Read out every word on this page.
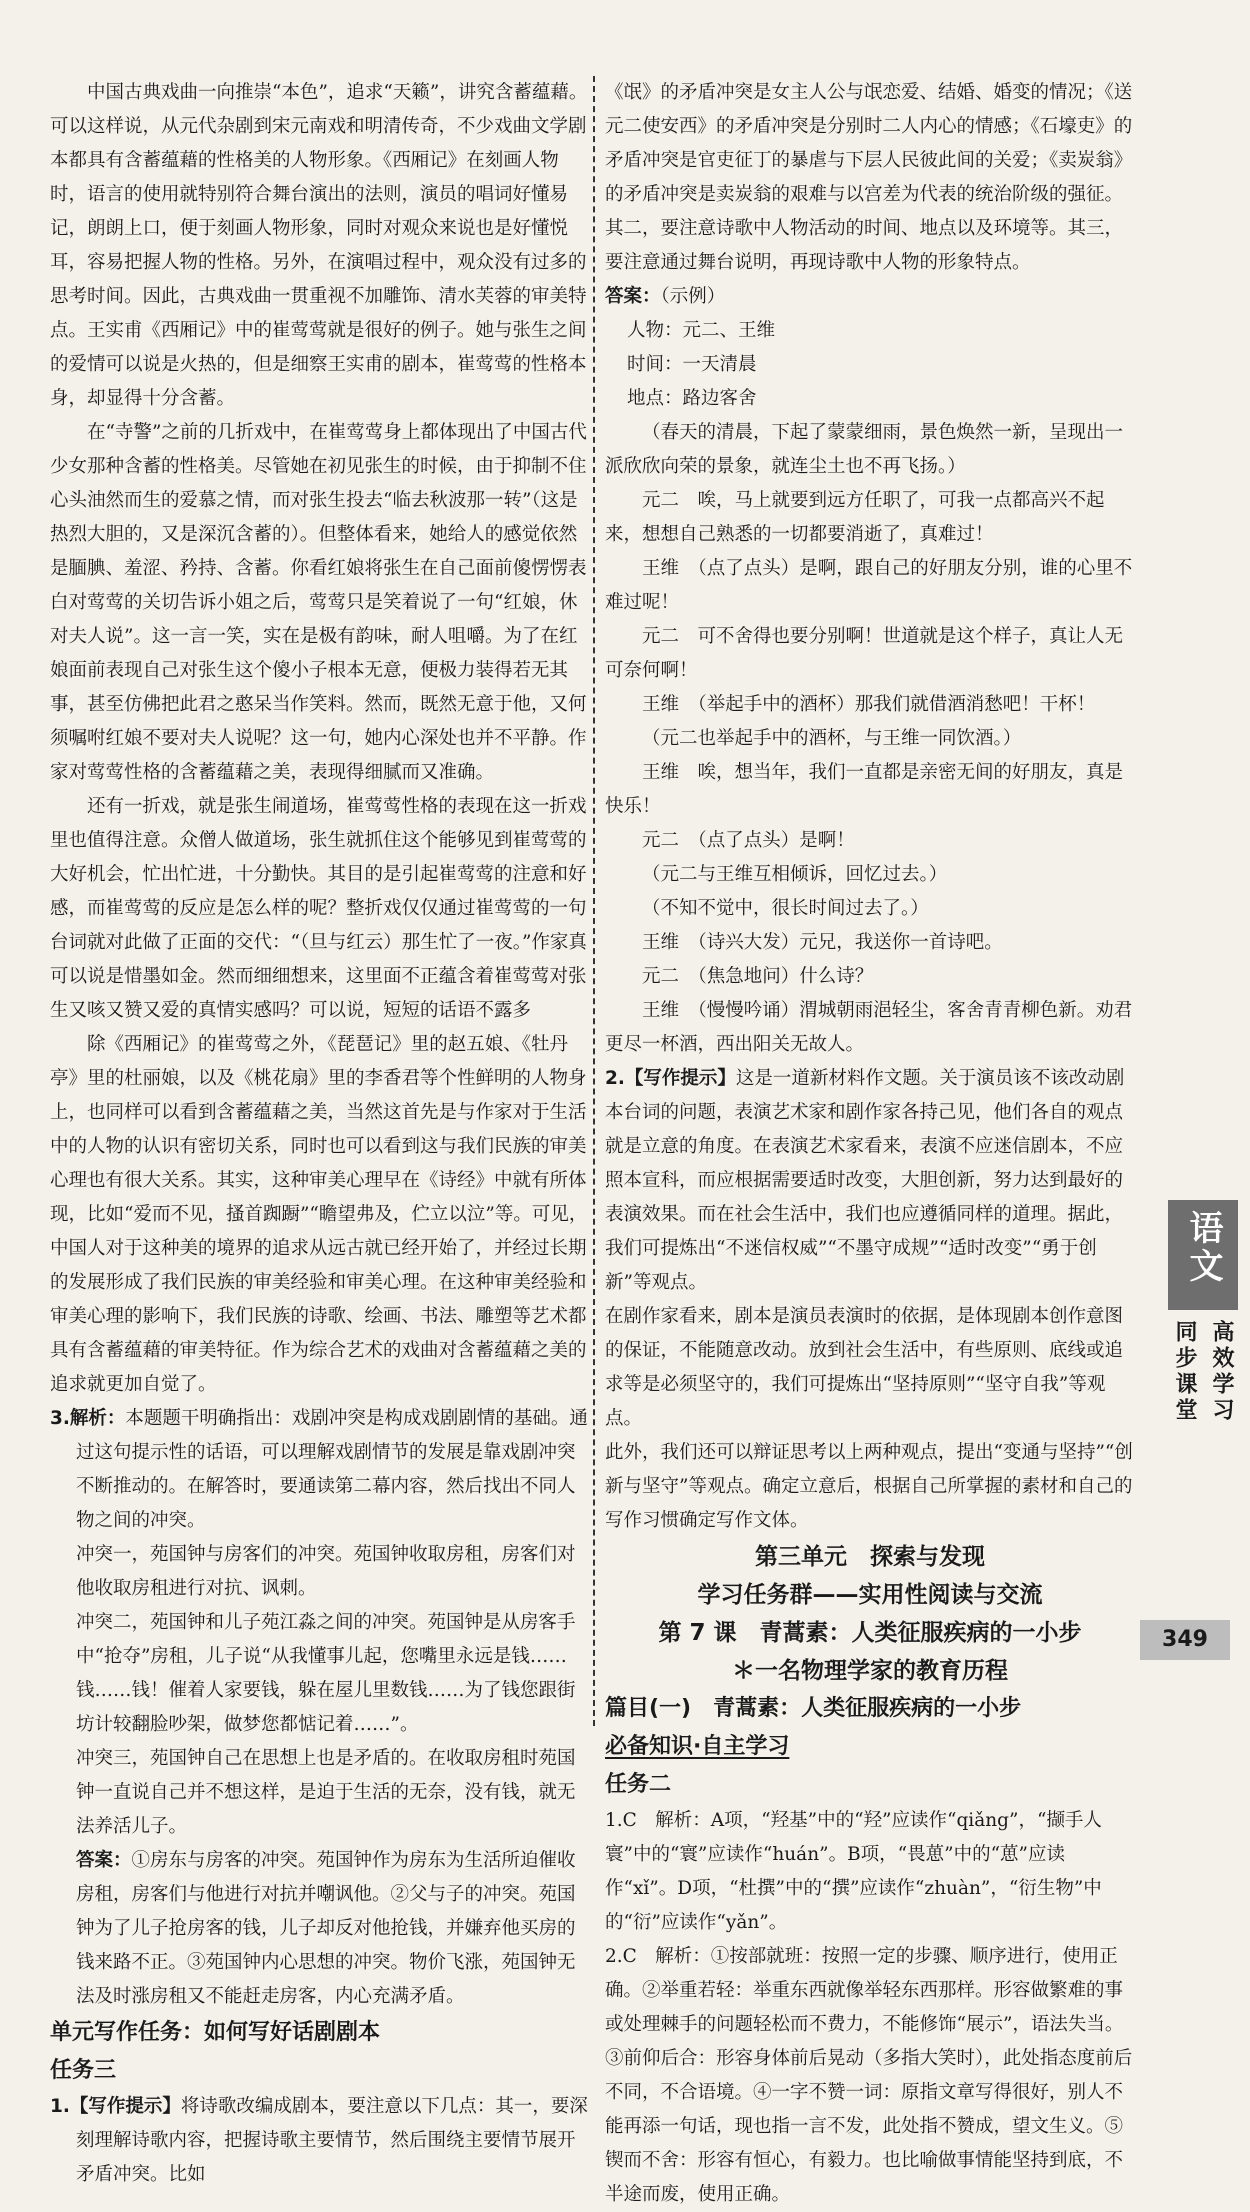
中国古典戏曲一向推崇“本色”，追求“天籁”，讲究含蓄蕴藉。可以这样说，从元代杂剧到宋元南戏和明清传奇，不少戏曲文学剧本都具有含蓄蕴藉的性格美的人物形象。《西厢记》在刻画人物时，语言的使用就特别符合舞台演出的法则，演员的唱词好懂易记，朗朗上口，便于刻画人物形象，同时对观众来说也是好懂悦耳，容易把握人物的性格。另外，在演唱过程中，观众没有过多的思考时间。因此，古典戏曲一贯重视不加雕饰、清水芙蓉的审美特点。王实甫《西厢记》中的崔莺莺就是很好的例子。她与张生之间的爱情可以说是火热的，但是细察王实甫的剧本，崔莺莺的性格本身，却显得十分含蓄。

在“寺警”之前的几折戏中，在崔莺莺身上都体现出了中国古代少女那种含蓄的性格美。尽管她在初见张生的时候，由于抑制不住心头油然而生的爱慕之情，而对张生投去“临去秋波那一转”（这是热烈大胆的，又是深沉含蓄的）。但整体看来，她给人的感觉依然是腼腆、羞涩、矜持、含蓄。你看红娘将张生在自己面前傻愣愣表白对莺莺的关切告诉小姐之后，莺莺只是笑着说了一句“红娘，休对夫人说”。这一言一笑，实在是极有韵味，耐人咀嚼。为了在红娘面前表现自己对张生这个傻小子根本无意，便极力装得若无其事，甚至仿佛把此君之憨呆当作笑料。然而，既然无意于他，又何须嘱咐红娘不要对夫人说呢？这一句，她内心深处也并不平静。作家对莺莺性格的含蓄蕴藉之美，表现得细腻而又准确。

还有一折戏，就是张生闹道场，崔莺莺性格的表现在这一折戏里也值得注意。众僧人做道场，张生就抓住这个能够见到崔莺莺的大好机会，忙出忙进，十分勤快。其目的是引起崔莺莺的注意和好感，而崔莺莺的反应是怎么样的呢？整折戏仅仅通过崔莺莺的一句台词就对此做了正面的交代：“（旦与红云）那生忙了一夜。”作家真可以说是惜墨如金。然而细细想来，这里面不正蕴含着崔莺莺对张生又咳又赞又爱的真情实感吗？可以说，短短的话语不露多

除《西厢记》的崔莺莺之外，《琵琶记》里的赵五娘、《牡丹亭》里的杜丽娘，以及《桃花扇》里的李香君等个性鲜明的人物身上，也同样可以看到含蓄蕴藉之美，当然这首先是与作家对于生活中的人物的认识有密切关系，同时也可以看到这与我们民族的审美心理也有很大关系。其实，这种审美心理早在《诗经》中就有所体现，比如“爱而不见，搔首踟蹰”“瞻望弗及，伫立以泣”等。可见，中国人对于这种美的境界的追求从远古就已经开始了，并经过长期的发展形成了我们民族的审美经验和审美心理。在这种审美经验和审美心理的影响下，我们民族的诗歌、绘画、书法、雕塑等艺术都具有含蓄蕴藉的审美特征。作为综合艺术的戏曲对含蓄蕴藉之美的追求就更加自觉了。

3.解析：本题题干明确指出：戏剧冲突是构成戏剧剧情的基础。通过这句提示性的话语，可以理解戏剧情节的发展是靠戏剧冲突不断推动的。在解答时，要通读第二幕内容，然后找出不同人物之间的冲突。

冲突一，苑国钟与房客们的冲突。苑国钟收取房租，房客们对他收取房租进行对抗、讽刺。

冲突二，苑国钟和儿子苑江淼之间的冲突。苑国钟是从房客手中“抢夺”房租，儿子说“从我懂事儿起，您嘴里永远是钱……钱……钱！催着人家要钱，躲在屋儿里数钱……为了钱您跟街坊计较翻脸吵架，做梦您都惦记着……”。

冲突三，苑国钟自己在思想上也是矛盾的。在收取房租时苑国钟一直说自己并不想这样，是迫于生活的无奈，没有钱，就无法养活儿子。

答案：①房东与房客的冲突。苑国钟作为房东为生活所迫催收房租，房客们与他进行对抗并嘲讽他。②父与子的冲突。苑国钟为了儿子抢房客的钱，儿子却反对他抢钱，并嫌弃他买房的钱来路不正。③苑国钟内心思想的冲突。物价飞涨，苑国钟无法及时涨房租又不能赶走房客，内心充满矛盾。

单元写作任务：如何写好话剧剧本

任务三

1.【写作提示】将诗歌改编成剧本，要注意以下几点：其一，要深刻理解诗歌内容，把握诗歌主要情节，然后围绕主要情节展开矛盾冲突。比如

《氓》的矛盾冲突是女主人公与氓恋爱、结婚、婚变的情况；《送元二使安西》的矛盾冲突是分别时二人内心的情感；《石壕吏》的矛盾冲突是官吏征丁的暴虐与下层人民彼此间的关爱；《卖炭翁》的矛盾冲突是卖炭翁的艰难与以宫差为代表的统治阶级的强征。其二，要注意诗歌中人物活动的时间、地点以及环境等。其三，要注意通过舞台说明，再现诗歌中人物的形象特点。

答案：（示例）

人物：元二、王维

时间：一天清晨

地点：路边客舍

（春天的清晨，下起了蒙蒙细雨，景色焕然一新，呈现出一派欣欣向荣的景象，就连尘土也不再飞扬。）

元二　唉，马上就要到远方任职了，可我一点都高兴不起来，想想自己熟悉的一切都要消逝了，真难过！

王维　（点了点头）是啊，跟自己的好朋友分别，谁的心里不难过呢！

元二　可不舍得也要分别啊！世道就是这个样子，真让人无可奈何啊！

王维　（举起手中的酒杯）那我们就借酒消愁吧！干杯！

（元二也举起手中的酒杯，与王维一同饮酒。）

王维　唉，想当年，我们一直都是亲密无间的好朋友，真是快乐！

元二　（点了点头）是啊！

（元二与王维互相倾诉，回忆过去。）

（不知不觉中，很长时间过去了。）

王维　（诗兴大发）元兄，我送你一首诗吧。

元二　（焦急地问）什么诗？

王维　（慢慢吟诵）渭城朝雨浥轻尘，客舍青青柳色新。劝君更尽一杯酒，西出阳关无故人。

2.【写作提示】这是一道新材料作文题。关于演员该不该改动剧本台词的问题，表演艺术家和剧作家各持己见，他们各自的观点就是立意的角度。在表演艺术家看来，表演不应迷信剧本，不应照本宣科，而应根据需要适时改变，大胆创新，努力达到最好的表演效果。而在社会生活中，我们也应遵循同样的道理。据此，我们可提炼出“不迷信权威”“不墨守成规”“适时改变”“勇于创新”等观点。

在剧作家看来，剧本是演员表演时的依据，是体现剧本创作意图的保证，不能随意改动。放到社会生活中，有些原则、底线或追求等是必须坚守的，我们可提炼出“坚持原则”“坚守自我”等观点。

此外，我们还可以辩证思考以上两种观点，提出“变通与坚持”“创新与坚守”等观点。确定立意后，根据自己所掌握的素材和自己的写作习惯确定写作文体。

第三单元　探索与发现

学习任务群——实用性阅读与交流

第 7 课　青蒿素：人类征服疾病的一小步

＊一名物理学家的教育历程

篇目(一)　青蒿素：人类征服疾病的一小步

必备知识·自主学习

任务二

1.C　解析：A项，“羟基”中的“羟”应读作“qiǎng”，“撷手人寰”中的“寰”应读作“huán”。B项，“畏葸”中的“葸”应读作“xǐ”。D项，“杜撰”中的“撰”应读作“zhuàn”，“衍生物”中的“衍”应读作“yǎn”。

2.C　解析：①按部就班：按照一定的步骤、顺序进行，使用正确。②举重若轻：举重东西就像举轻东西那样。形容做繁难的事或处理棘手的问题轻松而不费力，不能修饰“展示”，语法失当。③前仰后合：形容身体前后晃动（多指大笑时），此处指态度前后不同，不合语境。④一字不赞一词：原指文章写得很好，别人不能再添一句话，现也指一言不发，此处指不赞成，望文生义。⑤锲而不舍：形容有恒心，有毅力。也比喻做事情能坚持到底，不半途而废，使用正确。

语文
同步课堂 高效学习
349
